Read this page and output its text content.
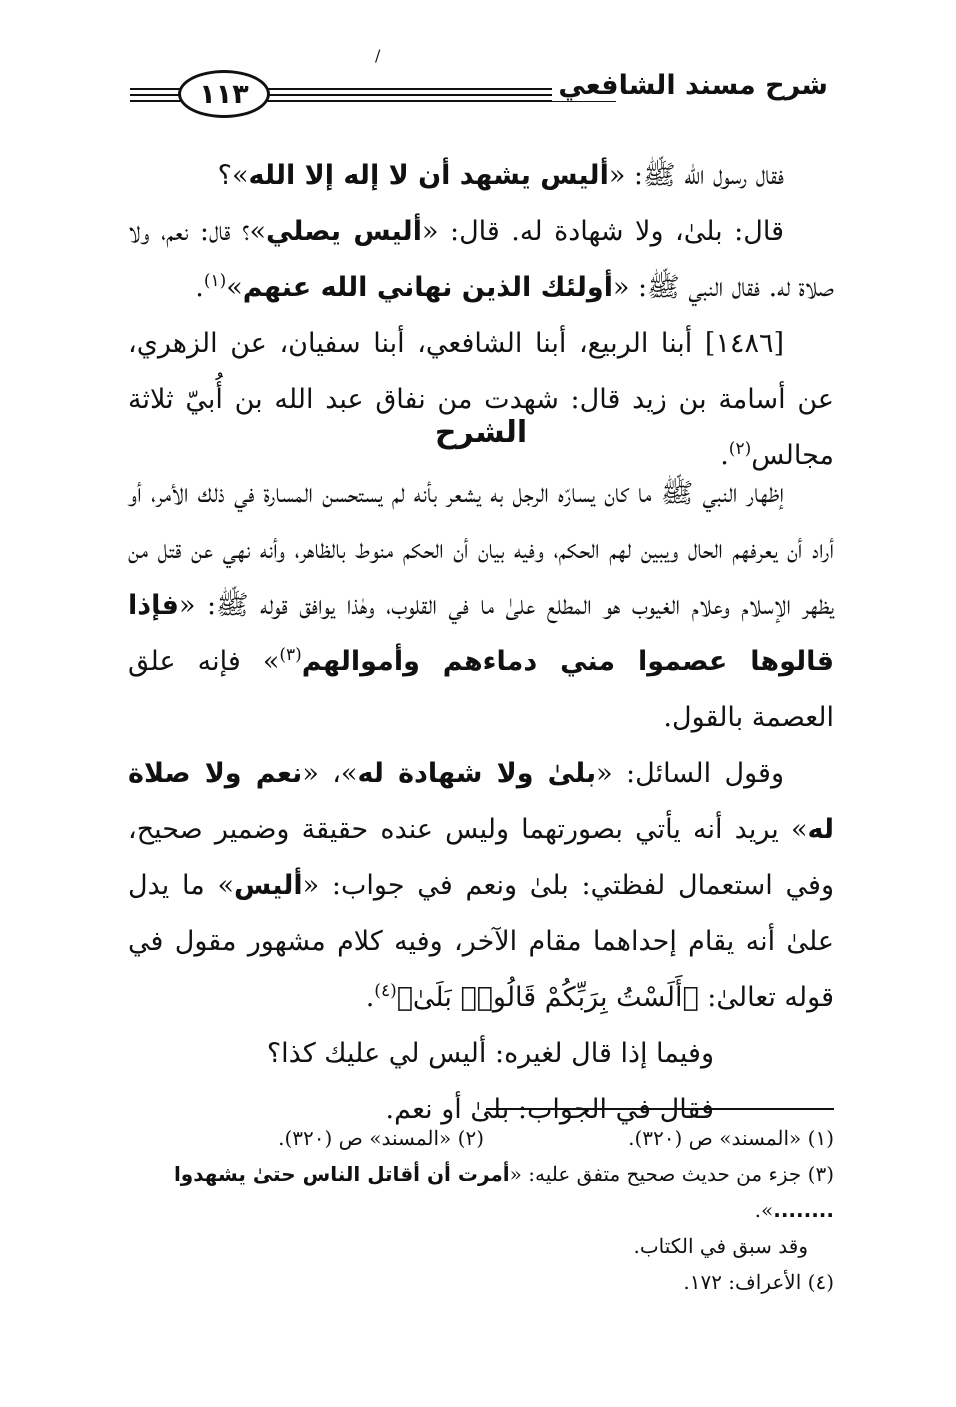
/
شرح مسند الشافعي
١١٣

فقال رسول الله ﷺ: «أليس يشهد أن لا إله إلا الله»؟

قال: بلىٰ، ولا شهادة له. قال: «أليس يصلي»؟ قال: نعم، ولا صلاة له. فقال النبي ﷺ: «أولئك الذين نهاني الله عنهم»$^{(١)}$.

[١٤٨٦] أبنا الربيع، أبنا الشافعي، أبنا سفيان، عن الزهري، عن أسامة بن زيد قال: شهدت من نفاق عبد الله بن أُبيّ ثلاثة مجالس$^{(٢)}$.

الشرح

إظهار النبي ﷺ ما كان يسارّه الرجل به يشعر بأنه لم يستحسن المسارة في ذلك الأمر، أو أراد أن يعرفهم الحال ويبين لهم الحكم، وفيه بيان أن الحكم منوط بالظاهر، وأنه نهي عن قتل من يظهر الإسلام وعلام الغيوب هو المطلع علىٰ ما في القلوب، وهٰذا يوافق قوله ﷺ: «فإذا قالوها عصموا مني دماءهم وأموالهم$^{(٣)}$» فإنه علق العصمة بالقول.

وقول السائل: «بلىٰ ولا شهادة له»، «نعم ولا صلاة له» يريد أنه يأتي بصورتهما وليس عنده حقيقة وضمير صحيح، وفي استعمال لفظتي: بلىٰ ونعم في جواب: «أليس» ما يدل علىٰ أنه يقام إحداهما مقام الآخر، وفيه كلام مشهور مقول في قوله تعالىٰ: ﴿أَلَسْتُ بِرَبِّكُمْ قَالُوا۟ بَلَىٰ﴾$^{(٤)}$.

وفيما إذا قال لغيره: أليس لي عليك كذا؟

فقال في الجواب: بلىٰ أو نعم.

(١) «المسند» ص (٣٢٠).
(٢) «المسند» ص (٣٢٠).

(٣) جزء من حديث صحيح متفق عليه: «أمرت أن أقاتل الناس حتىٰ يشهدوا ........».

وقد سبق في الكتاب.

(٤) الأعراف: ١٧٢.
